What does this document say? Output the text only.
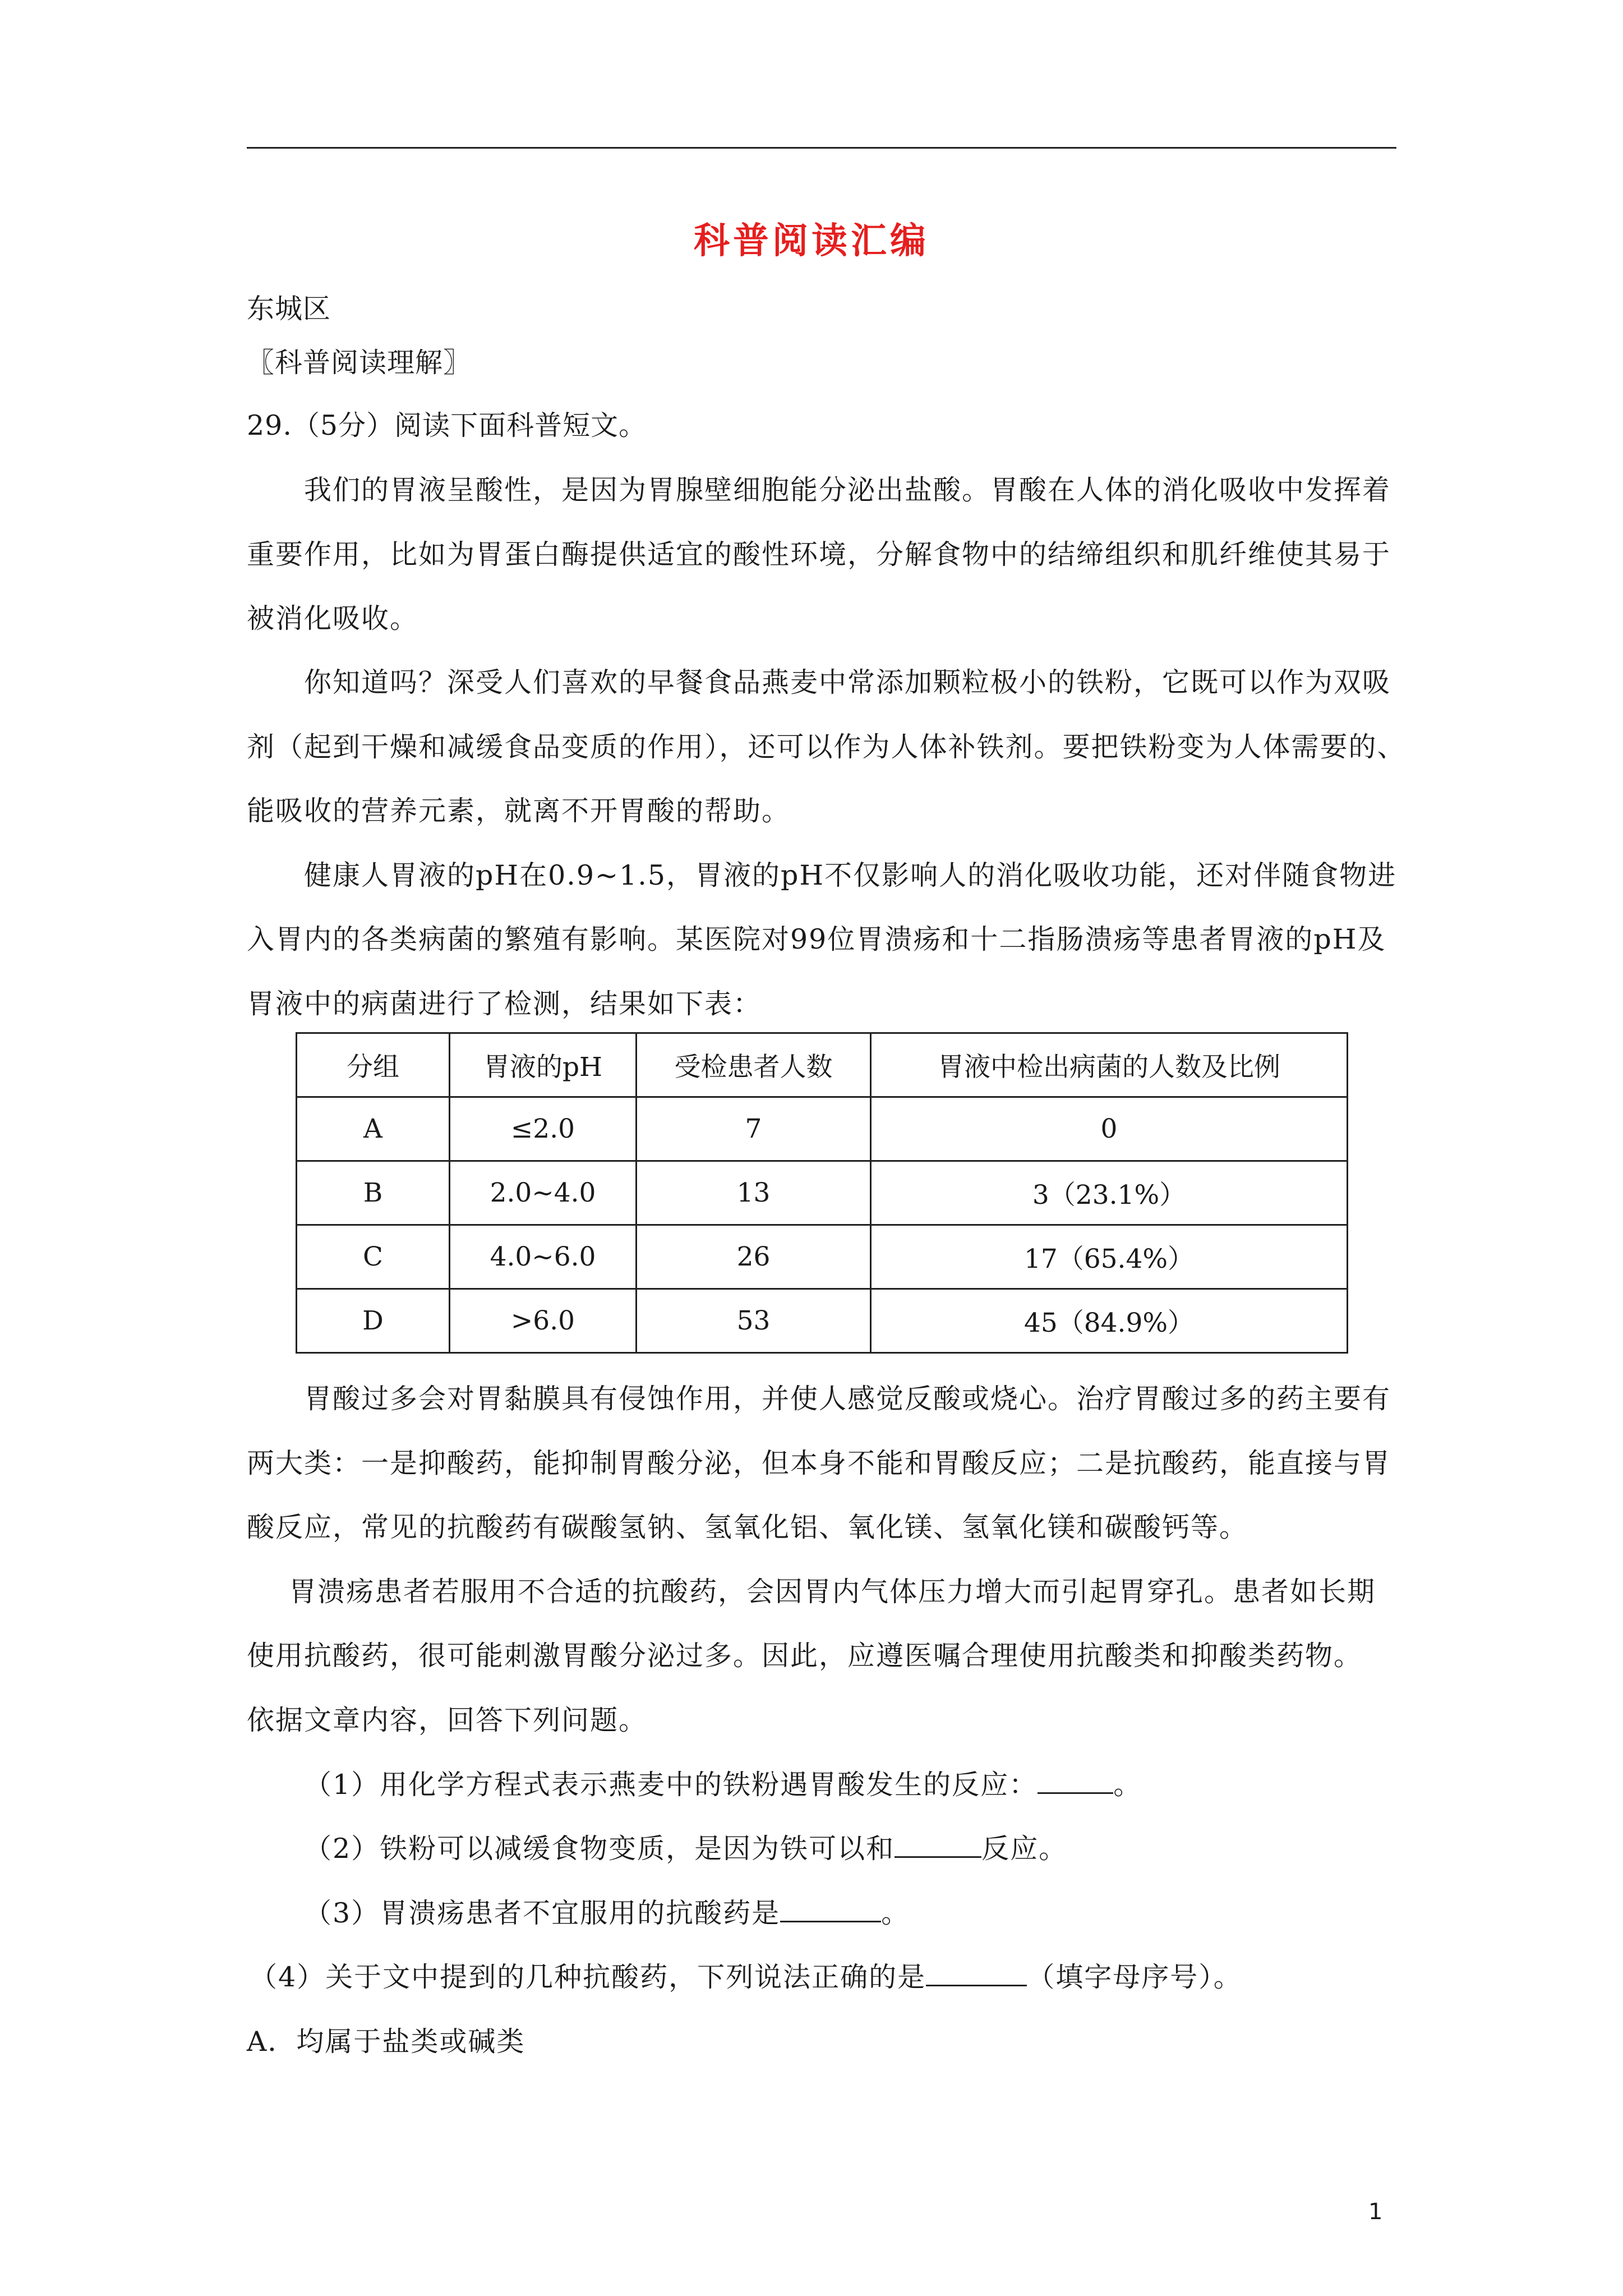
科普阅读汇编
东城区
〖科普阅读理解〗
29.（5分）阅读下面科普短文。
我们的胃液呈酸性，是因为胃腺壁细胞能分泌出盐酸。胃酸在人体的消化吸收中发挥着
重要作用，比如为胃蛋白酶提供适宜的酸性环境，分解食物中的结缔组织和肌纤维使其易于
被消化吸收。
你知道吗？深受人们喜欢的早餐食品燕麦中常添加颗粒极小的铁粉，它既可以作为双吸
剂（起到干燥和减缓食品变质的作用），还可以作为人体补铁剂。要把铁粉变为人体需要的、
能吸收的营养元素，就离不开胃酸的帮助。
健康人胃液的pH在0.9~1.5，胃液的pH不仅影响人的消化吸收功能，还对伴随食物进
入胃内的各类病菌的繁殖有影响。某医院对99位胃溃疡和十二指肠溃疡等患者胃液的pH及
胃液中的病菌进行了检测，结果如下表：
分组	胃液的pH	受检患者人数	胃液中检出病菌的人数及比例
A	≤2.0	7	0
B	2.0~4.0	13	3（23.1%）
C	4.0~6.0	26	17（65.4%）
D	>6.0	53	45（84.9%）
胃酸过多会对胃黏膜具有侵蚀作用，并使人感觉反酸或烧心。治疗胃酸过多的药主要有
两大类：一是抑酸药，能抑制胃酸分泌，但本身不能和胃酸反应；二是抗酸药，能直接与胃
酸反应，常见的抗酸药有碳酸氢钠、氢氧化铝、氧化镁、氢氧化镁和碳酸钙等。
胃溃疡患者若服用不合适的抗酸药，会因胃内气体压力增大而引起胃穿孔。患者如长期
使用抗酸药，很可能刺激胃酸分泌过多。因此，应遵医嘱合理使用抗酸类和抑酸类药物。
依据文章内容，回答下列问题。
（1）用化学方程式表示燕麦中的铁粉遇胃酸发生的反应：	。
（2）铁粉可以减缓食物变质，是因为铁可以和	反应。
（3）胃溃疡患者不宜服用的抗酸药是	。
（4）关于文中提到的几种抗酸药，下列说法正确的是	（填字母序号）。
A．均属于盐类或碱类
1
